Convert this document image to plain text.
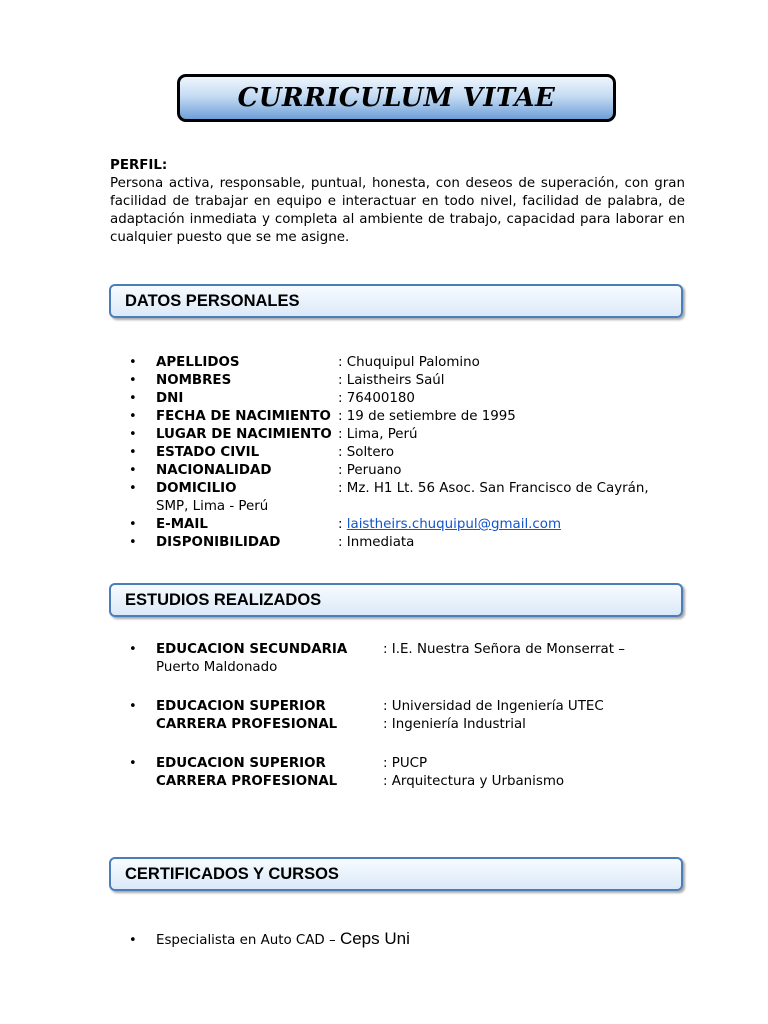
CURRICULUM VITAE
PERFIL:
Persona activa, responsable, puntual, honesta, con deseos de superación, con gran facilidad de trabajar en equipo e interactuar en todo nivel, facilidad de palabra, de adaptación inmediata y completa al ambiente de trabajo, capacidad para laborar en cualquier puesto que se me asigne.
DATOS PERSONALES
• APELLIDOS	: Chuquipul Palomino
• NOMBRES	: Laistheirs Saúl
• DNI	: 76400180
• FECHA DE NACIMIENTO : 19 de setiembre de 1995
• LUGAR DE NACIMIENTO : Lima, Perú
• ESTADO CIVIL	: Soltero
• NACIONALIDAD	: Peruano
• DOMICILIO	: Mz. H1 Lt. 56 Asoc. San Francisco de Cayrán,
SMP, Lima - Perú
• E-MAIL	: laistheirs.chuquipul@gmail.com
• DISPONIBILIDAD	: Inmediata
ESTUDIOS REALIZADOS
• EDUCACION SECUNDARIA	: I.E. Nuestra Señora de Monserrat –
Puerto Maldonado
• EDUCACION SUPERIOR	: Universidad de Ingeniería UTEC
CARRERA PROFESIONAL	: Ingeniería Industrial
• EDUCACION SUPERIOR	: PUCP
CARRERA PROFESIONAL	: Arquitectura y Urbanismo
CERTIFICADOS Y CURSOS
• Especialista en Auto CAD – Ceps Uni
